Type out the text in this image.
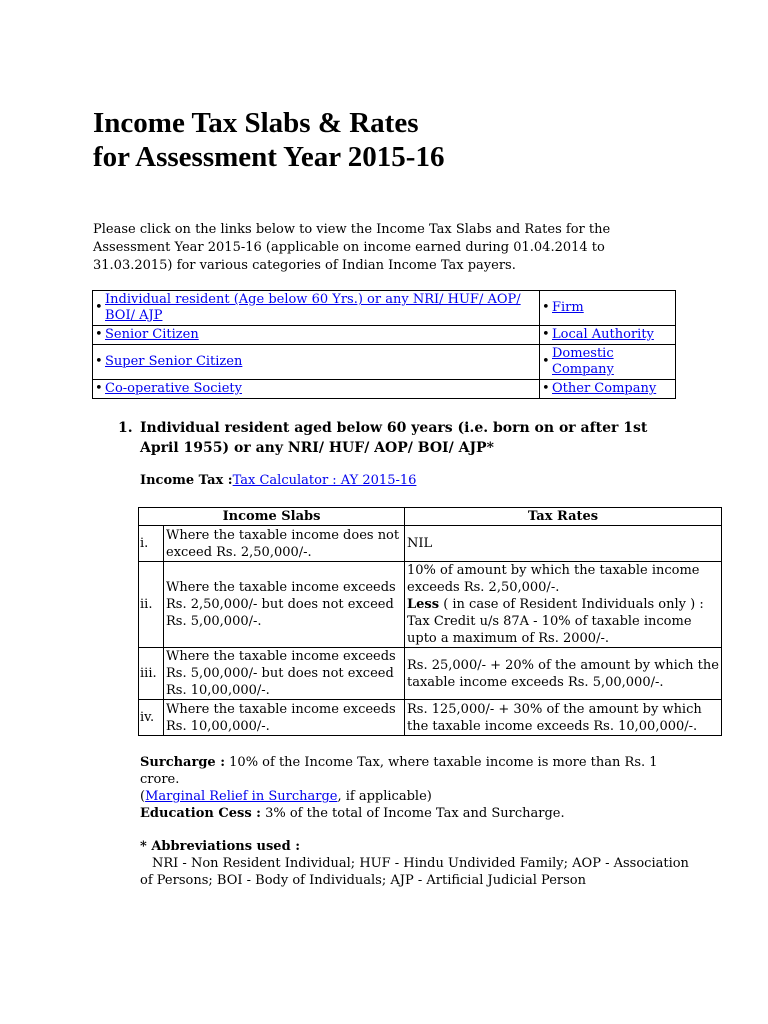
Income Tax Slabs & Rates
for Assessment Year 2015-16

Please click on the links below to view the Income Tax Slabs and Rates for the Assessment Year 2015-16 (applicable on income earned during 01.04.2014 to 31.03.2015) for various categories of Indian Income Tax payers.

•
Individual resident (Age below 60 Yrs.) or any NRI/ HUF/ AOP/ BOI/ AJP	• Firm

• Senior Citizen	• Local Authority

• Super Senior Citizen	•
Domestic Company

• Co-operative Society	• Other Company
1. Individual resident aged below 60 years (i.e. born on or after 1st April 1955) or any NRI/ HUF/ AOP/ BOI/ AJP*

Income Tax :Tax Calculator : AY 2015-16

Income Slabs		Tax Rates
i.	Where the taxable income does not exceed Rs. 2,50,000/-.	NIL
ii.	Where the taxable income exceeds Rs. 2,50,000/- but does not exceed Rs. 5,00,000/-.	10% of amount by which the taxable income exceeds Rs. 2,50,000/-.
Less ( in case of Resident Individuals only ) : Tax Credit u/s 87A - 10% of taxable income upto a maximum of Rs. 2000/-.
iii.	Where the taxable income exceeds Rs. 5,00,000/- but does not exceed Rs. 10,00,000/-.	Rs. 25,000/- + 20% of the amount by which the taxable income exceeds Rs. 5,00,000/-.
iv.	Where the taxable income exceeds Rs. 10,00,000/-.	Rs. 125,000/- + 30% of the amount by which the taxable income exceeds Rs. 10,00,000/-.

Surcharge : 10% of the Income Tax, where taxable income is more than Rs. 1 crore.
(Marginal Relief in Surcharge, if applicable)

Education Cess : 3% of the total of Income Tax and Surcharge.

* Abbreviations used :
NRI - Non Resident Individual; HUF - Hindu Undivided Family; AOP - Association of Persons; BOI - Body of Individuals; AJP - Artificial Judicial Person
